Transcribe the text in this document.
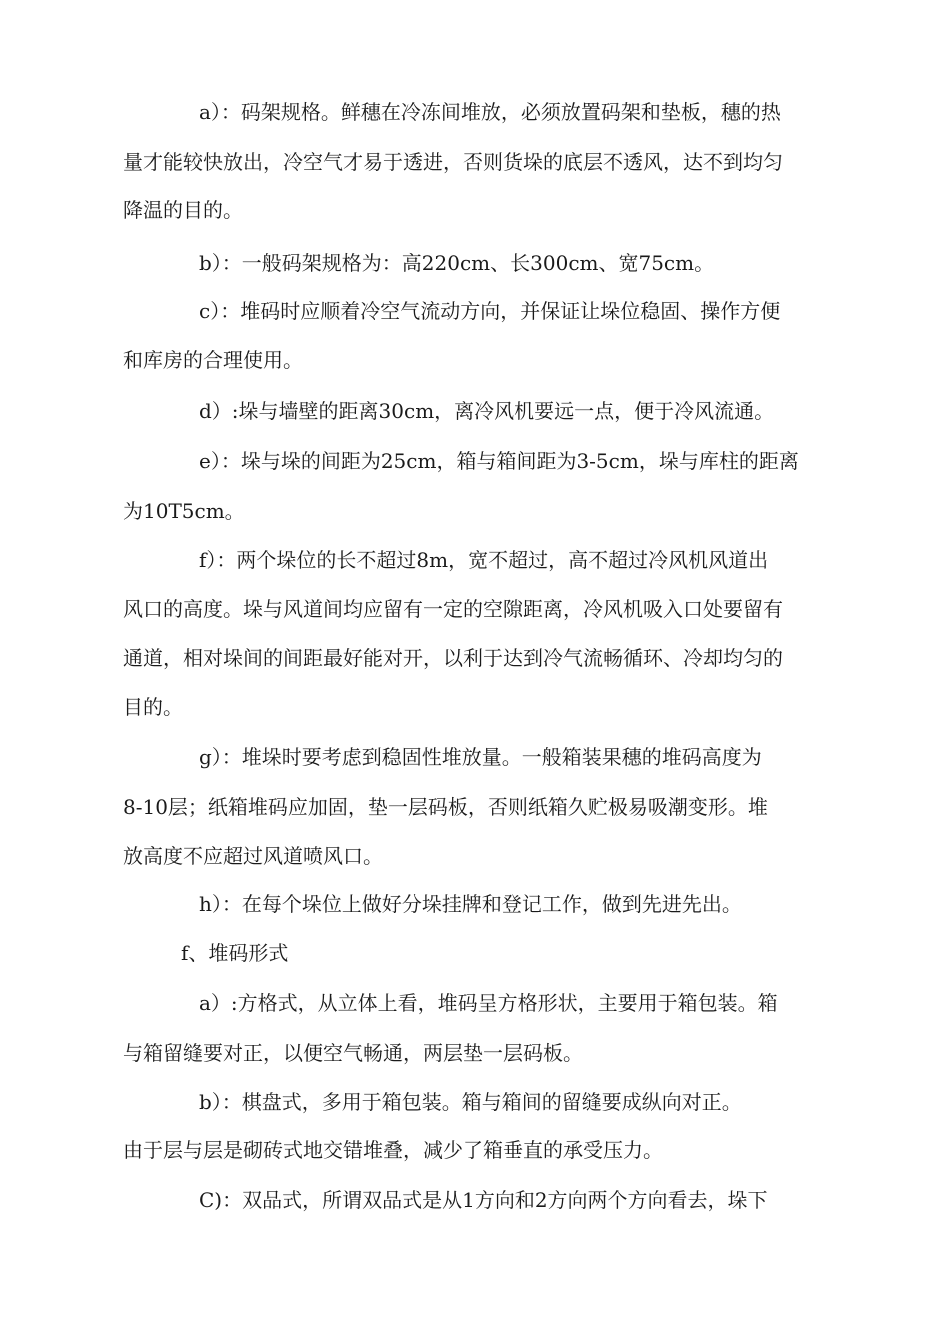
a）：码架规格。鲜穗在冷冻间堆放，必须放置码架和垫板，穗的热
量才能较快放出，冷空气才易于透进，否则货垛的底层不透风，达不到均匀
降温的目的。
b）：一般码架规格为：高220cm、长300cm、宽75cm。
c）：堆码时应顺着冷空气流动方向，并保证让垛位稳固、操作方便
和库房的合理使用。
d）:垛与墙壁的距离30cm，离冷风机要远一点，便于冷风流通。
e）：垛与垛的间距为25cm，箱与箱间距为3-5cm，垛与库柱的距离
为10T5cm。
f）：两个垛位的长不超过8m，宽不超过，高不超过冷风机风道出
风口的高度。垛与风道间均应留有一定的空隙距离，冷风机吸入口处要留有
通道，相对垛间的间距最好能对开，以利于达到冷气流畅循环、冷却均匀的
目的。
g）：堆垛时要考虑到稳固性堆放量。一般箱装果穗的堆码高度为
8-10层；纸箱堆码应加固，垫一层码板，否则纸箱久贮极易吸潮变形。堆
放高度不应超过风道喷风口。
h）：在每个垛位上做好分垛挂牌和登记工作，做到先进先出。
f、堆码形式
a）:方格式，从立体上看，堆码呈方格形状，主要用于箱包装。箱
与箱留缝要对正，以便空气畅通，两层垫一层码板。
b）：棋盘式，多用于箱包装。箱与箱间的留缝要成纵向对正。
由于层与层是砌砖式地交错堆叠，减少了箱垂直的承受压力。
C)：双品式，所谓双品式是从1方向和2方向两个方向看去，垛下
